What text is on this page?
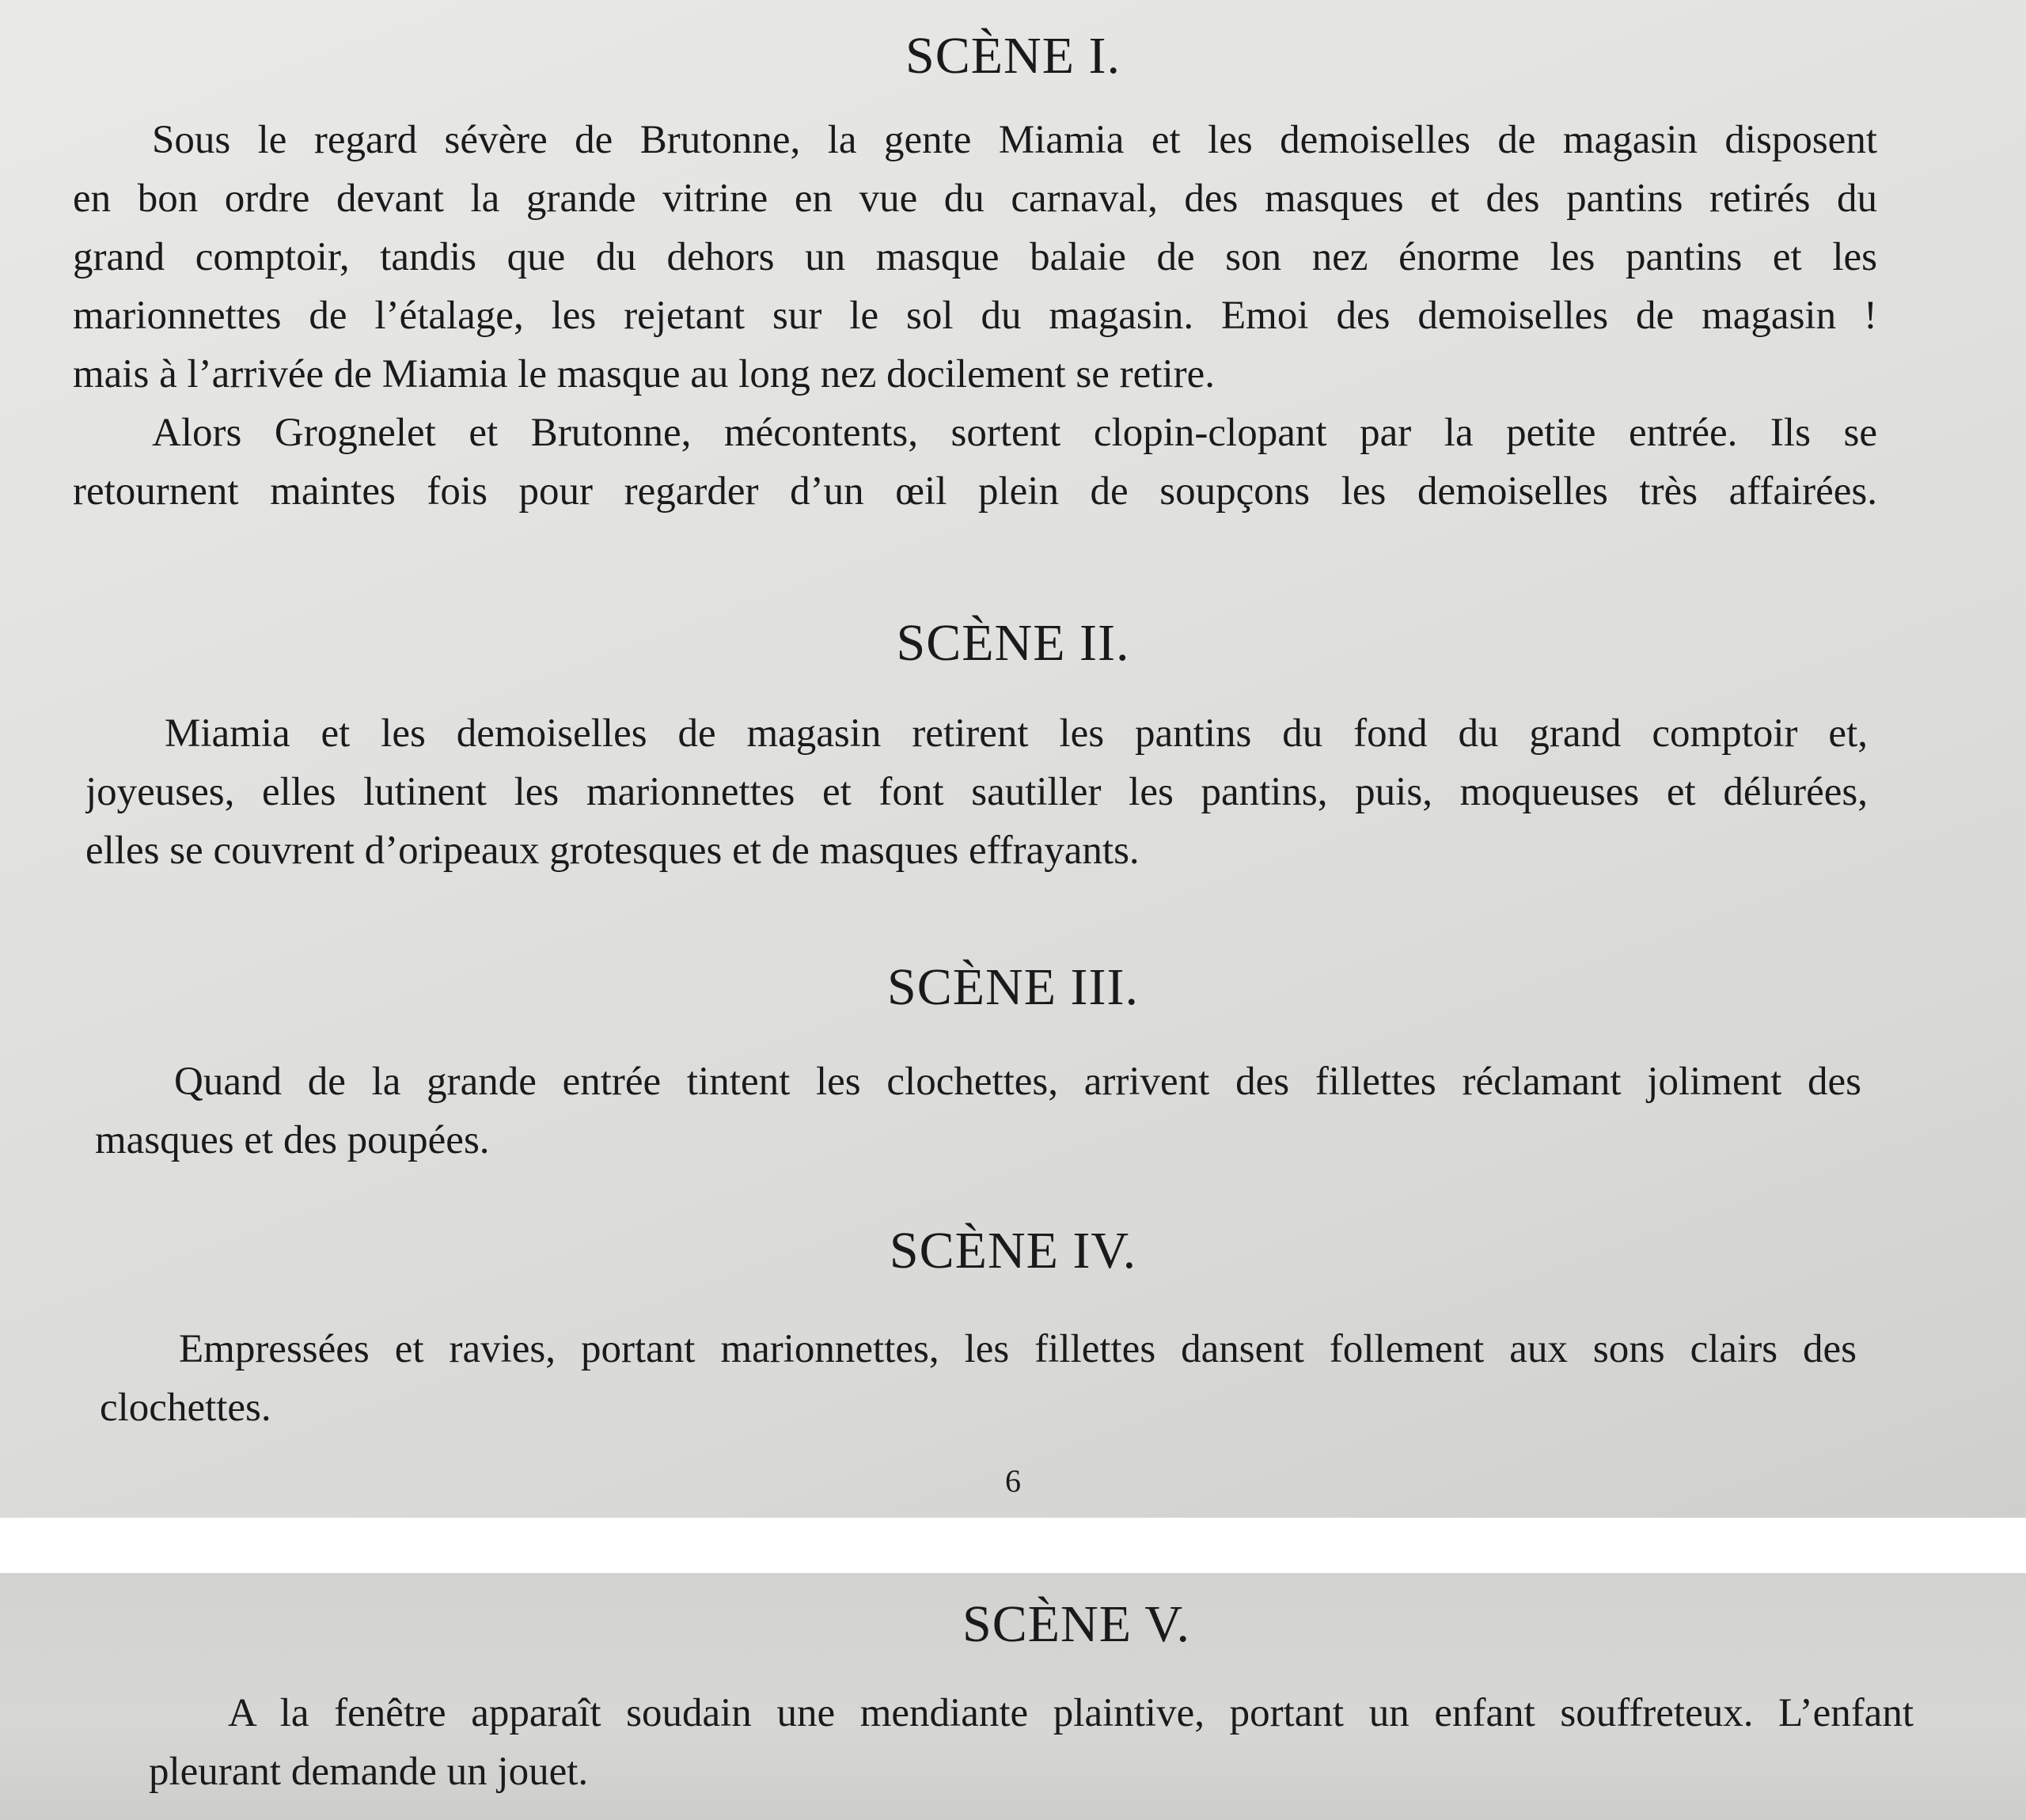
SCÈNE I.
Sous le regard sévère de Brutonne, la gente Miamia et les demoiselles de magasin disposent
en bon ordre devant la grande vitrine en vue du carnaval, des masques et des pantins retirés du
grand comptoir, tandis que du dehors un masque balaie de son nez énorme les pantins et les
marionnettes de l’étalage, les rejetant sur le sol du magasin. Emoi des demoiselles de magasin !
mais à l’arrivée de Miamia le masque au long nez docilement se retire.
Alors Grognelet et Brutonne, mécontents, sortent clopin-clopant par la petite entrée. Ils se
retournent maintes fois pour regarder d’un œil plein de soupçons les demoiselles très affairées.
SCÈNE II.
Miamia et les demoiselles de magasin retirent les pantins du fond du grand comptoir et,
joyeuses, elles lutinent les marionnettes et font sautiller les pantins, puis, moqueuses et délurées,
elles se couvrent d’oripeaux grotesques et de masques effrayants.
SCÈNE III.
Quand de la grande entrée tintent les clochettes, arrivent des fillettes réclamant joliment des
masques et des poupées.
SCÈNE IV.
Empressées et ravies, portant marionnettes, les fillettes dansent follement aux sons clairs des
clochettes.
6
SCÈNE V.
A la fenêtre apparaît soudain une mendiante plaintive, portant un enfant souffreteux. L’enfant
pleurant demande un jouet.
